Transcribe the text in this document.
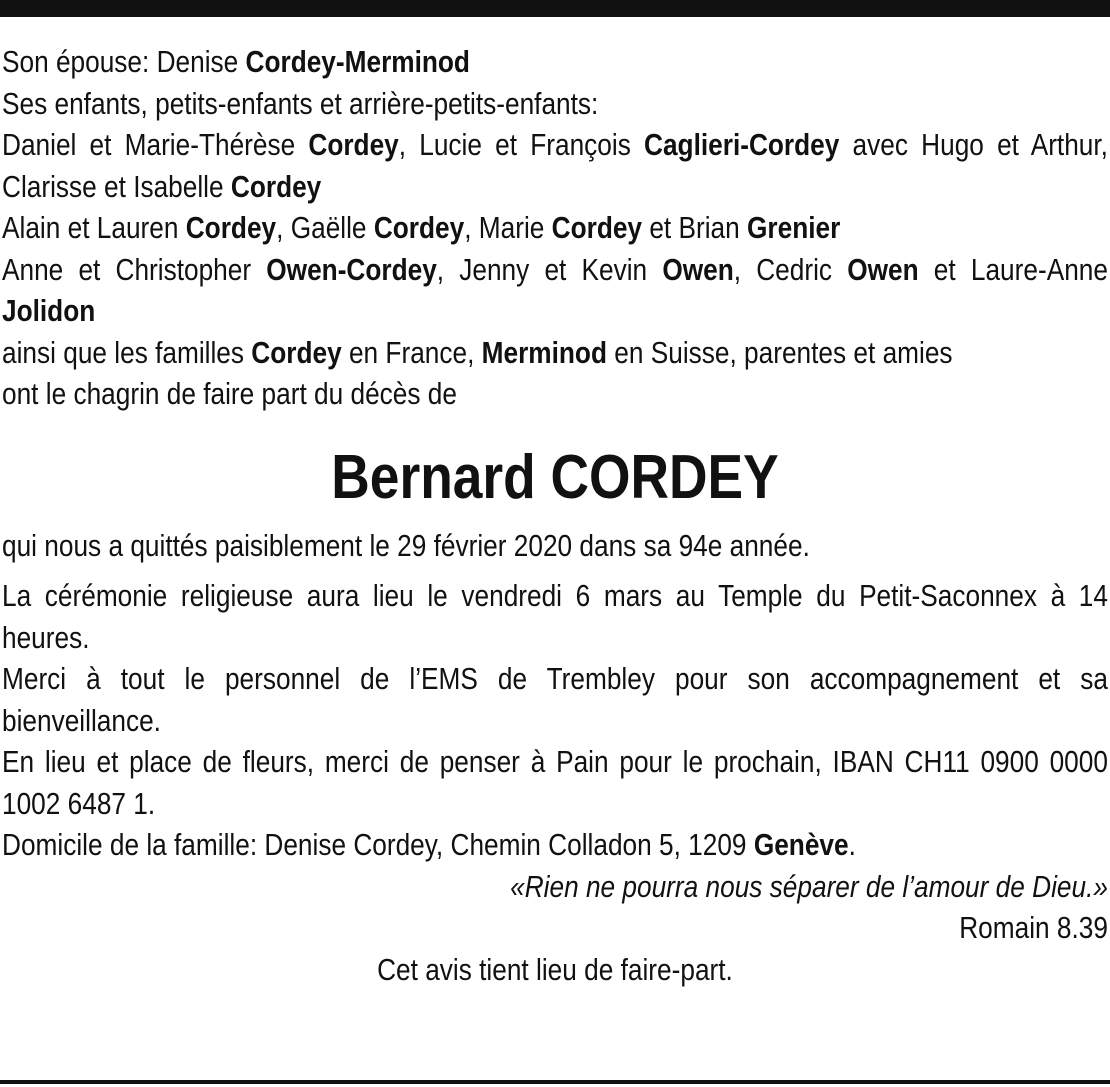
Son épouse: Denise Cordey-Merminod

Ses enfants, petits-enfants et arrière-petits-enfants:

Daniel et Marie-Thérèse Cordey, Lucie et François Caglieri-Cordey avec Hugo et Arthur, Clarisse et Isabelle Cordey

Alain et Lauren Cordey, Gaëlle Cordey, Marie Cordey et Brian Grenier

Anne et Christopher Owen-Cordey, Jenny et Kevin Owen, Cedric Owen et Laure-Anne Jolidon

ainsi que les familles Cordey en France, Merminod en Suisse, parentes et amies

ont le chagrin de faire part du décès de

Bernard CORDEY

qui nous a quittés paisiblement le 29 février 2020 dans sa 94e année.

La cérémonie religieuse aura lieu le vendredi 6 mars au Temple du Petit-Saconnex à 14 heures.

Merci à tout le personnel de l’EMS de Trembley pour son accompagnement et sa bienveillance.

En lieu et place de fleurs, merci de penser à Pain pour le prochain, IBAN CH11 0900 0000 1002 6487 1.

Domicile de la famille: Denise Cordey, Chemin Colladon 5, 1209 Genève.

«Rien ne pourra nous séparer de l’amour de Dieu.»

Romain 8.39

Cet avis tient lieu de faire-part.
